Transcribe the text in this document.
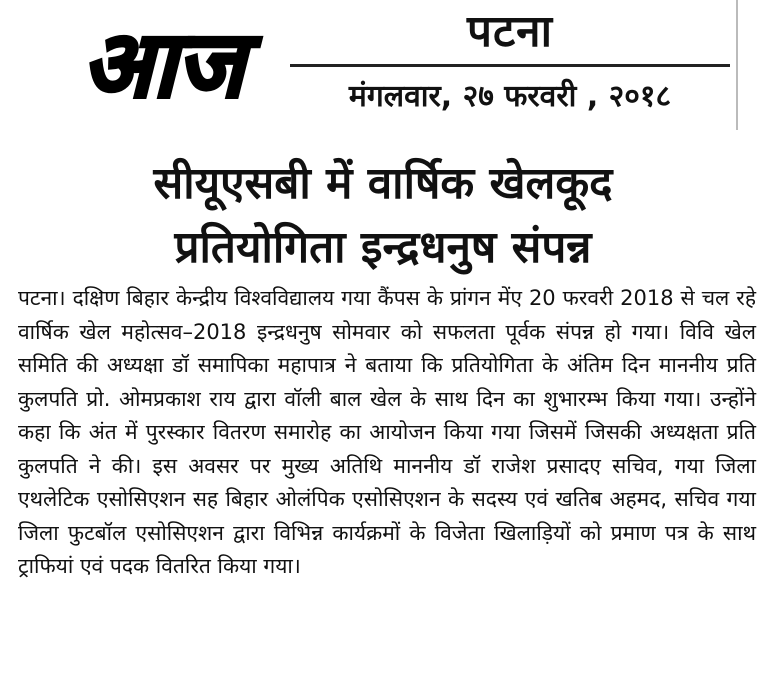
आज	पटना
मंगलवार, २७ फरवरी , २०१८
सीयूएसबी में वार्षिक खेलकूद
प्रतियोगिता इन्द्रधनुष संपन्न
पटना। दक्षिण बिहार केन्द्रीय विश्वविद्यालय गया कैंपस के प्रांगन मेंए 20 फरवरी 2018 से चल रहे वार्षिक खेल महोत्सव–2018 इन्द्रधनुष सोमवार को सफलता पूर्वक संपन्न हो गया। विवि खेल समिति की अध्यक्षा डॉ समापिका महापात्र ने बताया कि प्रतियोगिता के अंतिम दिन माननीय प्रति कुलपति प्रो. ओमप्रकाश राय द्वारा वॉली बाल खेल के साथ दिन का शुभारम्भ किया गया। उन्होंने कहा कि अंत में पुरस्कार वितरण समारोह का आयोजन किया गया जिसमें जिसकी अध्यक्षता प्रति कुलपति ने की। इस अवसर पर मुख्य अतिथि माननीय डॉ राजेश प्रसादए सचिव, गया जिला एथलेटिक एसोसिएशन सह बिहार ओलंपिक एसोसिएशन के सदस्य एवं खतिब अहमद, सचिव गया जिला फुटबॉल एसोसिएशन द्वारा विभिन्न कार्यक्रमों के विजेता खिलाड़ियों को प्रमाण पत्र के साथ ट्राफियां एवं पदक वितरित किया गया।
